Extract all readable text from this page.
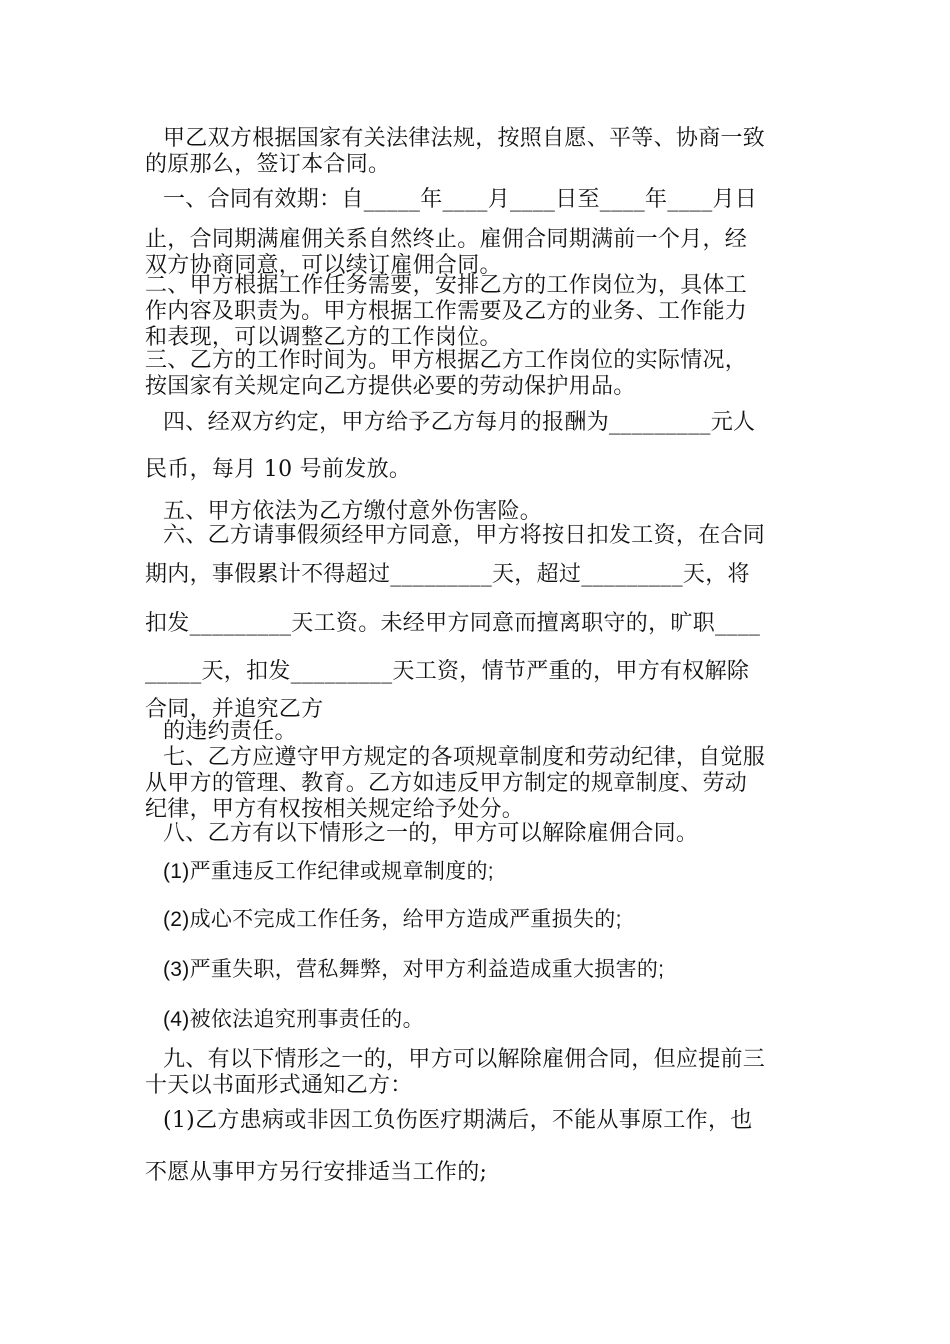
甲乙双方根据国家有关法律法规，按照自愿、平等、协商一致
的原那么，签订本合同。
一、合同有效期：自_____年____月____日至____年____月日
止，合同期满雇佣关系自然终止。雇佣合同期满前一个月，经
双方协商同意，可以续订雇佣合同。
二、甲方根据工作任务需要，安排乙方的工作岗位为，具体工
作内容及职责为。甲方根据工作需要及乙方的业务、工作能力
和表现，可以调整乙方的工作岗位。
三、乙方的工作时间为。甲方根据乙方工作岗位的实际情况，
按国家有关规定向乙方提供必要的劳动保护用品。
四、经双方约定，甲方给予乙方每月的报酬为_________元人
民币，每月 10 号前发放。
五、甲方依法为乙方缴付意外伤害险。
六、乙方请事假须经甲方同意，甲方将按日扣发工资，在合同
期内，事假累计不得超过_________天，超过_________天，将
扣发_________天工资。未经甲方同意而擅离职守的，旷职____
_____天，扣发_________天工资，情节严重的，甲方有权解除
合同，并追究乙方
的违约责任。
七、乙方应遵守甲方规定的各项规章制度和劳动纪律，自觉服
从甲方的管理、教育。乙方如违反甲方制定的规章制度、劳动
纪律，甲方有权按相关规定给予处分。
八、乙方有以下情形之一的，甲方可以解除雇佣合同。
(1)严重违反工作纪律或规章制度的;
(2)成心不完成工作任务，给甲方造成严重损失的;
(3)严重失职，营私舞弊，对甲方利益造成重大损害的;
(4)被依法追究刑事责任的。
九、有以下情形之一的，甲方可以解除雇佣合同，但应提前三
十天以书面形式通知乙方：
(1)乙方患病或非因工负伤医疗期满后，不能从事原工作，也
不愿从事甲方另行安排适当工作的;
